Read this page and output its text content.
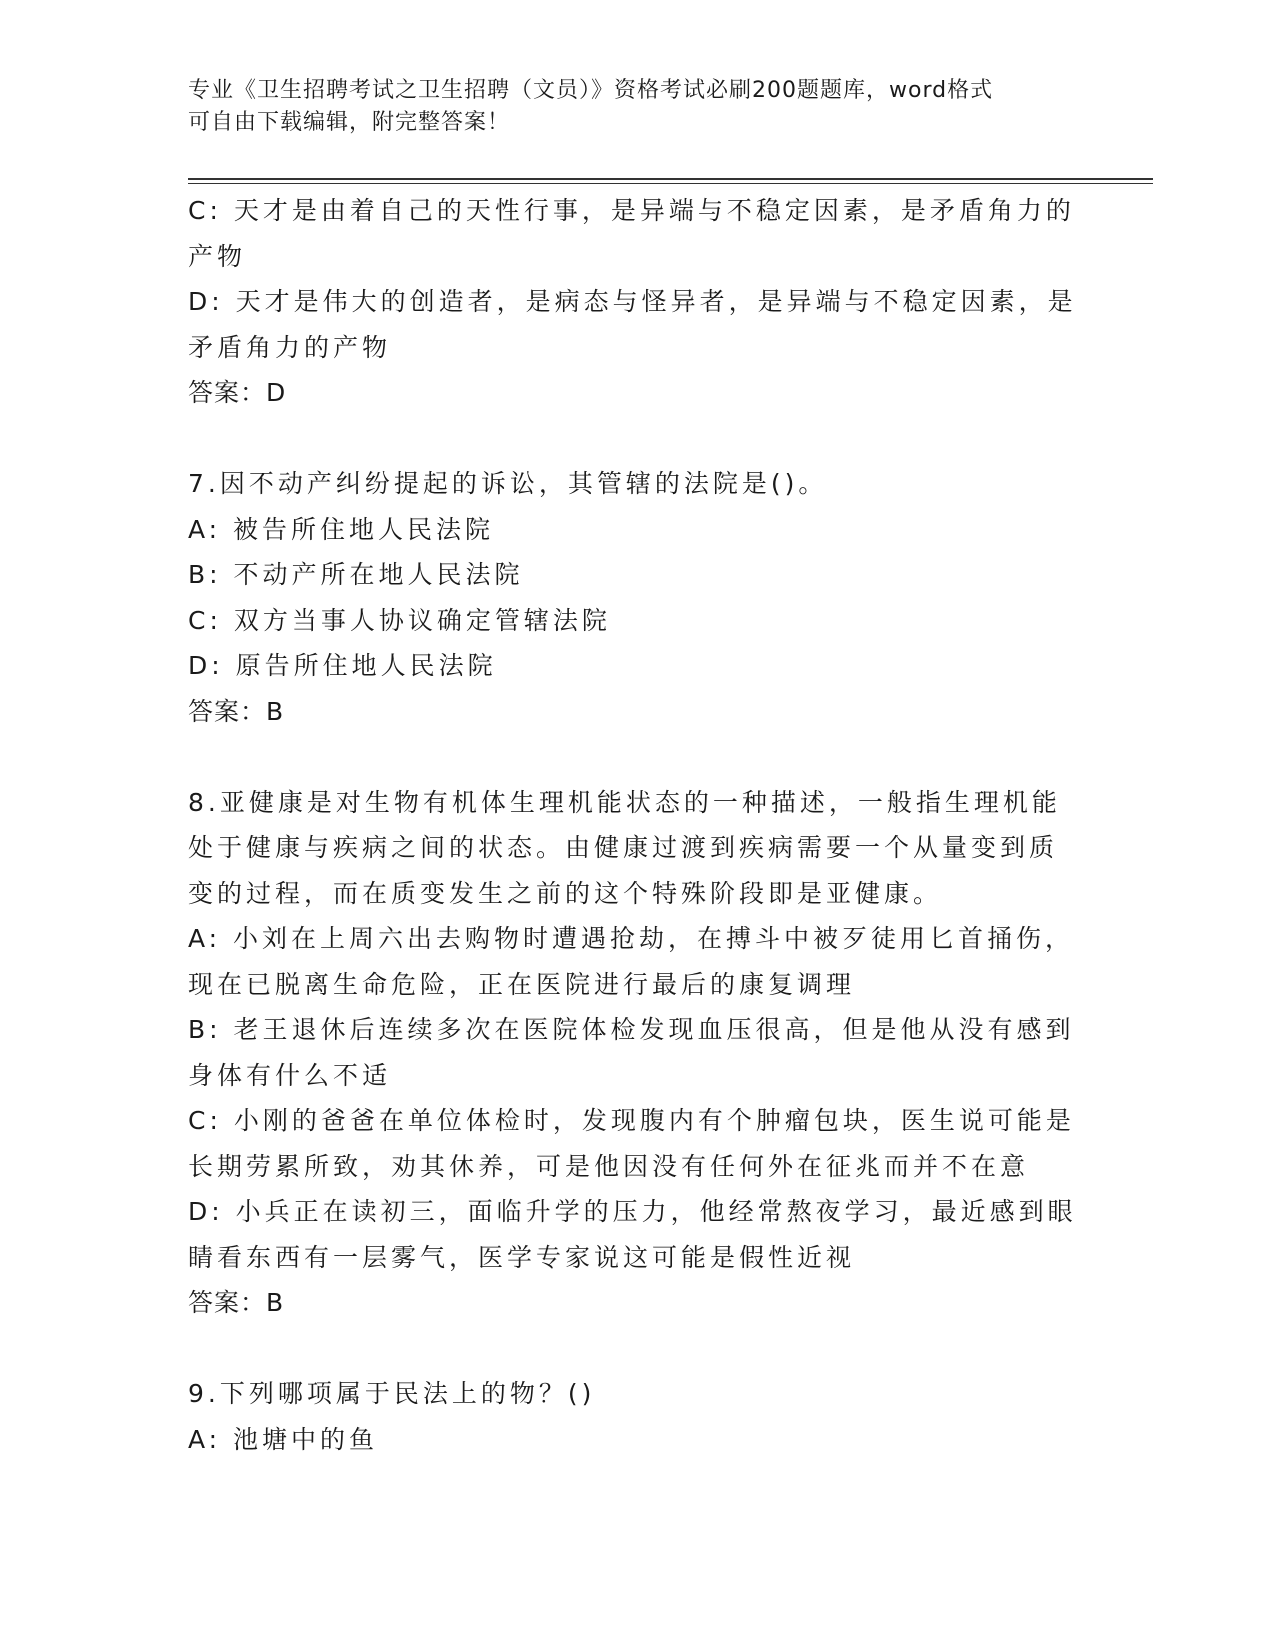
专业《卫生招聘考试之卫生招聘（文员）》资格考试必刷200题题库，word格式
可自由下载编辑，附完整答案！
C: 天才是由着自己的天性行事，是异端与不稳定因素，是矛盾角力的
产物
D: 天才是伟大的创造者，是病态与怪异者，是异端与不稳定因素，是
矛盾角力的产物
答案：D
7.因不动产纠纷提起的诉讼，其管辖的法院是()。
A: 被告所住地人民法院
B: 不动产所在地人民法院
C: 双方当事人协议确定管辖法院
D: 原告所住地人民法院
答案：B
8.亚健康是对生物有机体生理机能状态的一种描述，一般指生理机能
处于健康与疾病之间的状态。由健康过渡到疾病需要一个从量变到质
变的过程，而在质变发生之前的这个特殊阶段即是亚健康。
A: 小刘在上周六出去购物时遭遇抢劫，在搏斗中被歹徒用匕首捅伤，
现在已脱离生命危险，正在医院进行最后的康复调理
B: 老王退休后连续多次在医院体检发现血压很高，但是他从没有感到
身体有什么不适
C: 小刚的爸爸在单位体检时，发现腹内有个肿瘤包块，医生说可能是
长期劳累所致，劝其休养，可是他因没有任何外在征兆而并不在意
D: 小兵正在读初三，面临升学的压力，他经常熬夜学习，最近感到眼
睛看东西有一层雾气，医学专家说这可能是假性近视
答案：B
9.下列哪项属于民法上的物？()
A: 池塘中的鱼
